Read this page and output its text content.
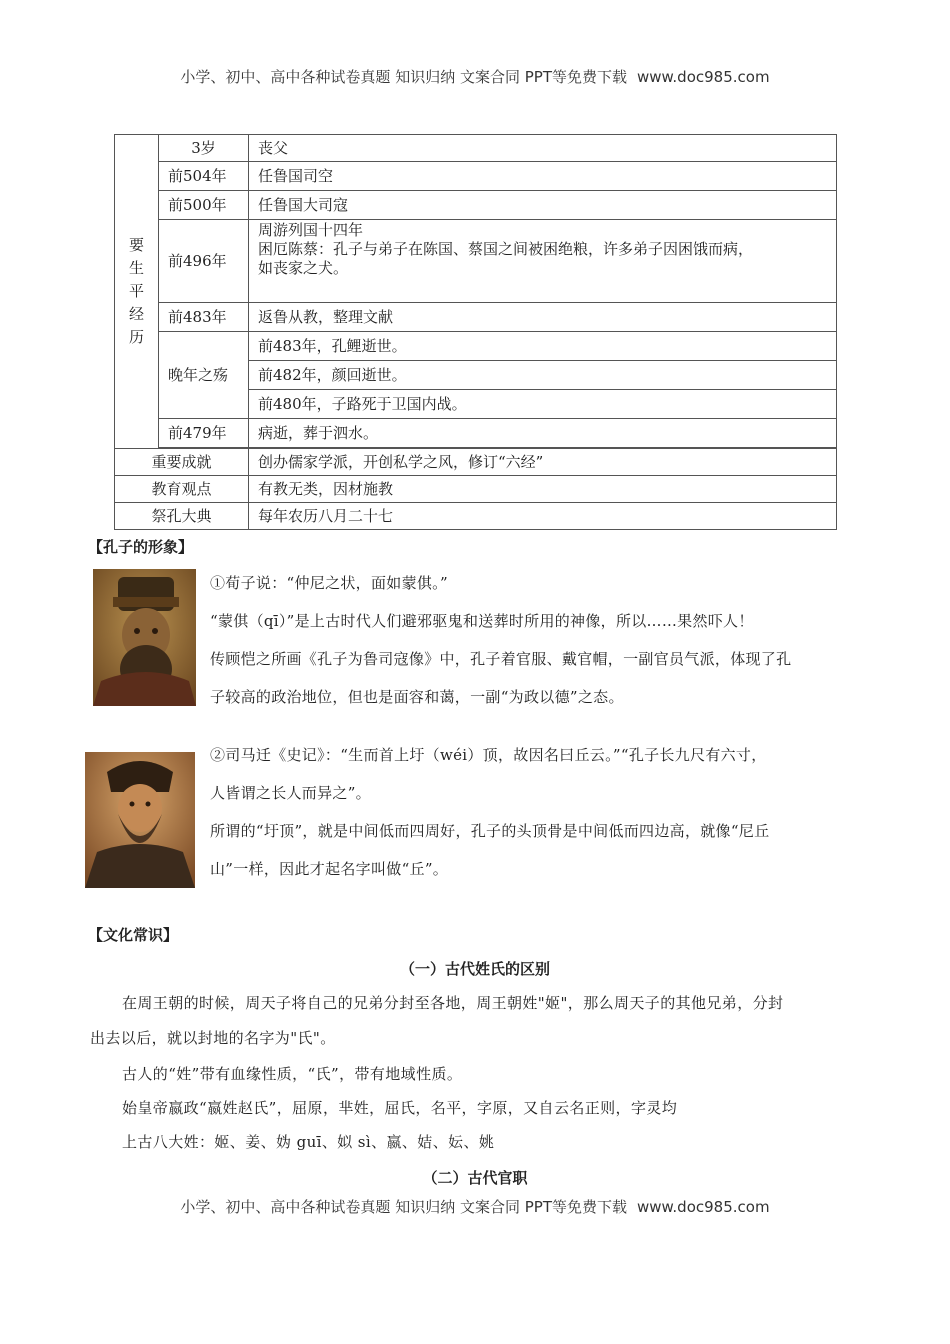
小学、初中、高中各种试卷真题 知识归纳 文案合同 PPT等免费下载 www.doc985.com
要
生
平
经
历	3岁	丧父
	前504年	任鲁国司空
	前500年	任鲁国大司寇
	前496年	周游列国十四年
困厄陈蔡：孔子与弟子在陈国、蔡国之间被困绝粮，许多弟子因困饿而病，
如丧家之犬。

	前483年	返鲁从教，整理文献
	晚年之殇	前483年，孔鲤逝世。
		前482年，颜回逝世。
		前480年，子路死于卫国内战。
	前479年	病逝，葬于泗水。

重要成就		创办儒家学派，开创私学之风，修订“六经”
教育观点		有教无类，因材施教
祭孔大典		每年农历八月二十七
【孔子的形象】
①荀子说：“仲尼之状，面如蒙倛。”
“蒙倛（qī）”是上古时代人们避邪驱鬼和送葬时所用的神像，所以……果然吓人！
传顾恺之所画《孔子为鲁司寇像》中，孔子着官服、戴官帽，一副官员气派，体现了孔
子较高的政治地位，但也是面容和蔼，一副“为政以德”之态。
②司马迁《史记》：“生而首上圩（wéi）顶，故因名曰丘云。”“孔子长九尺有六寸，
人皆谓之长人而异之”。
所谓的“圩顶”，就是中间低而四周好，孔子的头顶骨是中间低而四边高，就像“尼丘
山”一样，因此才起名字叫做“丘”。
【文化常识】
（一）古代姓氏的区别
在周王朝的时候，周天子将自己的兄弟分封至各地，周王朝姓"姬"，那么周天子的其他兄弟，分封
出去以后，就以封地的名字为"氏"。
古人的“姓”带有血缘性质，“氏”，带有地域性质。
始皇帝嬴政“嬴姓赵氏”，屈原，芈姓，屈氏，名平，字原，又自云名正则，字灵均
上古八大姓：姬、姜、妫 guī、姒 sì、嬴、姞、妘、姚
（二）古代官职
小学、初中、高中各种试卷真题 知识归纳 文案合同 PPT等免费下载 www.doc985.com
